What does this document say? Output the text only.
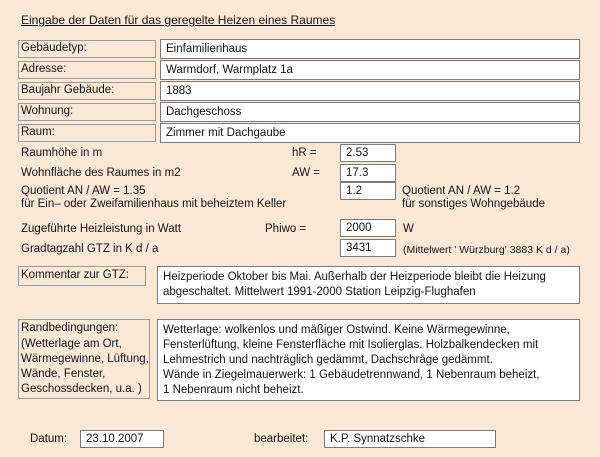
Eingabe der Daten für das geregelte Heizen eines Raumes
Gebäudetyp:	Einfamilienhaus
Adresse:	Warmdorf, Warmplatz 1a
Baujahr Gebäude:	1883
Wohnung:	Dachgeschoss
Raum:	Zimmer mit Dachgaube
Raumhöhe in m	hR =	2.53
Wohnfläche des Raumes in m2	AW =	17.3
Quotient AN / AW = 1.35
für Ein– oder Zweifamilienhaus mit beheiztem Keller
1.2	Quotient AN / AW = 1.2
für sonstiges Wohngebäude
Zugeführte Heizleistung in Watt	Phiwo =	2000	W
Gradtagzahl GTZ in K d / a	3431	(Mittelwert ' Würzburg' 3883 K d / a)
Kommentar zur GTZ:	Heizperiode Oktober bis Mai. Außerhalb der Heizperiode bleibt die Heizung
abgeschaltet. Mittelwert 1991-2000 Station Leipzig-Flughafen
Randbedingungen:
(Wetterlage am Ort,
Wärmegewinne, Lüftung,
Wände, Fenster,
Geschossdecken, u.a. )
Wetterlage: wolkenlos und mäßiger Ostwind. Keine Wärmegewinne,
Fensterlüftung, kleine Fensterfläche mit Isolierglas. Holzbalkendecken mit
Lehmestrich und nachträglich gedämmt, Dachschräge gedämmt.
Wände in Ziegelmauerwerk: 1 Gebäudetrennwand, 1 Nebenraum beheizt,
1 Nebenraum nicht beheizt.
Datum:	23.10.2007	bearbeitet:	K.P. Synnatzschke
